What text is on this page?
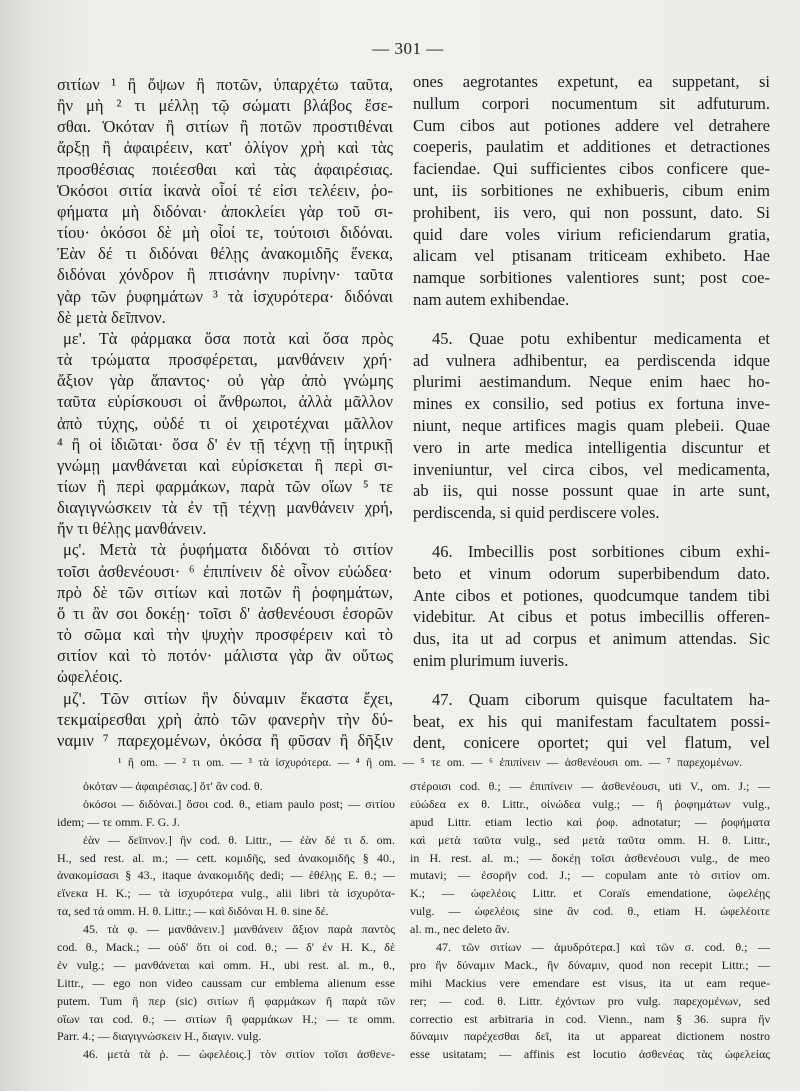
— 301 —
σιτίων ¹ ἢ ὄψων ἢ ποτῶν, ὑπαρχέτω ταῦτα,
ἢν μὴ ² τι μέλλῃ τῷ σώματι βλάβος ἔσε-
σθαι. Ὁκόταν ἢ σιτίων ἢ ποτῶν προστιθέναι
ἄρξῃ ἢ ἀφαιρέειν, κατ' ὀλίγον χρὴ καὶ τὰς
προσθέσιας ποιέεσθαι καὶ τὰς ἀφαιρέσιας.
Ὁκόσοι σιτία ἱκανὰ οἷοί τέ εἰσι τελέειν, ῥο-
φήματα μὴ διδόναι· ἀποκλείει γὰρ τοῦ σι-
τίου· ὁκόσοι δὲ μὴ οἷοί τε, τούτοισι διδόναι.
Ἐὰν δέ τι διδόναι θέλῃς ἀνακομιδῆς ἕνεκα,
διδόναι χόνδρον ἢ πτισάνην πυρίνην· ταῦτα
γὰρ τῶν ῥυφημάτων ³ τὰ ἰσχυρότερα· διδόναι
δὲ μετὰ δεῖπνον.
με'. Τὰ φάρμακα ὅσα ποτὰ καὶ ὅσα πρὸς
τὰ τρώματα προσφέρεται, μανθάνειν χρή·
ἄξιον γὰρ ἅπαντος· οὐ γὰρ ἀπὸ γνώμης
ταῦτα εὑρίσκουσι οἱ ἄνθρωποι, ἀλλὰ μᾶλλον
ἀπὸ τύχης, οὐδέ τι οἱ χειροτέχναι μᾶλλον
⁴ ἢ οἱ ἰδιῶται· ὅσα δ' ἐν τῇ τέχνῃ τῇ ἰητρικῇ
γνώμῃ μανθάνεται καὶ εὑρίσκεται ἢ περὶ σι-
τίων ἢ περὶ φαρμάκων, παρὰ τῶν οἵων ⁵ τε
διαγιγνώσκειν τὰ ἐν τῇ τέχνῃ μανθάνειν χρή,
ἤν τι θέλῃς μανθάνειν.
μς'. Μετὰ τὰ ῥυφήματα διδόναι τὸ σιτίον
τοῖσι ἀσθενέουσι· ⁶ ἐπιπίνειν δὲ οἶνον εὐώδεα·
πρὸ δὲ τῶν σιτίων καὶ ποτῶν ἢ ῥοφημάτων,
ὅ τι ἂν σοι δοκέῃ· τοῖσι δ' ἀσθενέουσι ἐσορῶν
τὸ σῶμα καὶ τὴν ψυχὴν προσφέρειν καὶ τὸ
σιτίον καὶ τὸ ποτόν· μάλιστα γὰρ ἂν οὕτως
ὠφελέοις.
μζ'. Τῶν σιτίων ἣν δύναμιν ἕκαστα ἔχει,
τεκμαίρεσθαι χρὴ ἀπὸ τῶν φανερὴν τὴν δύ-
ναμιν ⁷ παρεχομένων, ὁκόσα ἢ φῦσαν ἢ δῆξιν
ones aegrotantes expetunt, ea suppetant, si
nullum corpori nocumentum sit adfuturum.
Cum cibos aut potiones addere vel detrahere
coeperis, paulatim et additiones et detractiones
faciendae. Qui sufficientes cibos conficere que-
unt, iis sorbitiones ne exhibueris, cibum enim
prohibent, iis vero, qui non possunt, dato. Si
quid dare voles virium reficiendarum gratia,
alicam vel ptisanam triticeam exhibeto. Hae
namque sorbitiones valentiores sunt; post coe-
nam autem exhibendae.
45. Quae potu exhibentur medicamenta et
ad vulnera adhibentur, ea perdiscenda idque
plurimi aestimandum. Neque enim haec ho-
mines ex consilio, sed potius ex fortuna inve-
niunt, neque artifices magis quam plebeii. Quae
vero in arte medica intelligentia discuntur et
inveniuntur, vel circa cibos, vel medicamenta,
ab iis, qui nosse possunt quae in arte sunt,
perdiscenda, si quid perdiscere voles.
46. Imbecillis post sorbitiones cibum exhi-
beto et vinum odorum superbibendum dato.
Ante cibos et potiones, quodcumque tandem tibi
videbitur. At cibus et potus imbecillis offeren-
dus, ita ut ad corpus et animum attendas. Sic
enim plurimum iuveris.
47. Quam ciborum quisque facultatem ha-
beat, ex his qui manifestam facultatem possi-
dent, conicere oportet; qui vel flatum, vel
¹ ἢ om. — ² τι om. — ³ τὰ ἰσχυρότερα. — ⁴ ἢ om. — ⁵ τε om. — ⁶ ἐπιπίνειν — ἀσθενέουσι om. — ⁷ παρεχομένων.
ὁκόταν — ἀφαιρέσιας.] ὅτ' ἂν cod. θ.
ὁκόσοι — διδόναι.] ὅσοι cod. θ., etiam paulo post; — σιτίου
idem; — τε omm. F. G. J.
ἐὰν — δεῖπνον.] ἢν cod. θ. Littr., — ἐὰν δέ τι δ. om.
H., sed rest. al. m.; — cett. κομιδῆς, sed ἀνακομιδῆς § 40.,
ἀνακομίσασι § 43., itaque ἀνακομιδῆς dedi; — ἐθέλῃς E. θ.; —
εἵνεκα H. K.; — τὰ ἰσχυρότερα vulg., alii libri τὰ ἰσχυρότα-
τα, sed τά omm. H. θ. Littr.; — καὶ διδόναι H. θ. sine δέ.
45. τὰ φ. — μανθάνειν.] μανθάνειν ἄξιον παρὰ παντὸς
cod. θ., Mack.; — οὐδ' ὅτι οἱ cod. θ.; — δ' ἐν H. K., δὲ
ἐν vulg.; — μανθάνεται καὶ omm. H., ubi rest. al. m., θ.,
Littr., — ego non video caussam cur emblema alienum esse
putem. Tum ἢ περ (sic) σιτίων ἢ φαρμάκων ἢ παρὰ τῶν
οἵων ται cod. θ.; — σιτίων ἢ φαρμάκων H.; — τε omm.
Parr. 4.; — διαγιγνώσκειν H., διαγιν. vulg.
46. μετὰ τὰ ῥ. — ὠφελέοις.] τὸν σιτίον τοῖσι ἀσθενε-
στέροισι cod. θ.; — ἐπιπίνειν — ἀσθενέουσι, uti V., om. J.; —
εὐώδεα ex θ. Littr., οἰνώδεα vulg.; — ἢ ῥοφημάτων vulg.,
apud Littr. etiam lectio καὶ ῥοφ. adnotatur; — ῥοφήματα
καὶ μετὰ ταῦτα vulg., sed μετὰ ταῦτα omm. H. θ. Littr.,
in H. rest. al. m.; — δοκέῃ τοῖσι ἀσθενέουσι vulg., de meo
mutavi; — ἐσορῆν cod. J.; — copulam ante τὸ σιτίον om.
K.; — ὠφελέοις Littr. et Coraïs emendatione, ὠφελέῃς
vulg. — ὠφελέοις sine ἂν cod. θ., etiam H. ὠφελέοιτε
al. m., nec deleto ἂν.
47. τῶν σιτίων — ἀμυδρότερα.] καὶ τῶν σ. cod. θ.; —
pro ἣν δύναμιν Mack., ἢν δύναμιν, quod non recepit Littr.; —
mihi Mackius vere emendare est visus, ita ut eam reque-
rer; — cod. θ. Littr. ἐχόντων pro vulg. παρεχομένων, sed
correctio est arbitraria in cod. Vienn., nam § 36. supra ἣν
δύναμιν παρέχεσθαι δεῖ, ita ut appareat dictionem nostro
esse usitatam; — affinis est locutio ἀσθενέας τὰς ὠφελείας
